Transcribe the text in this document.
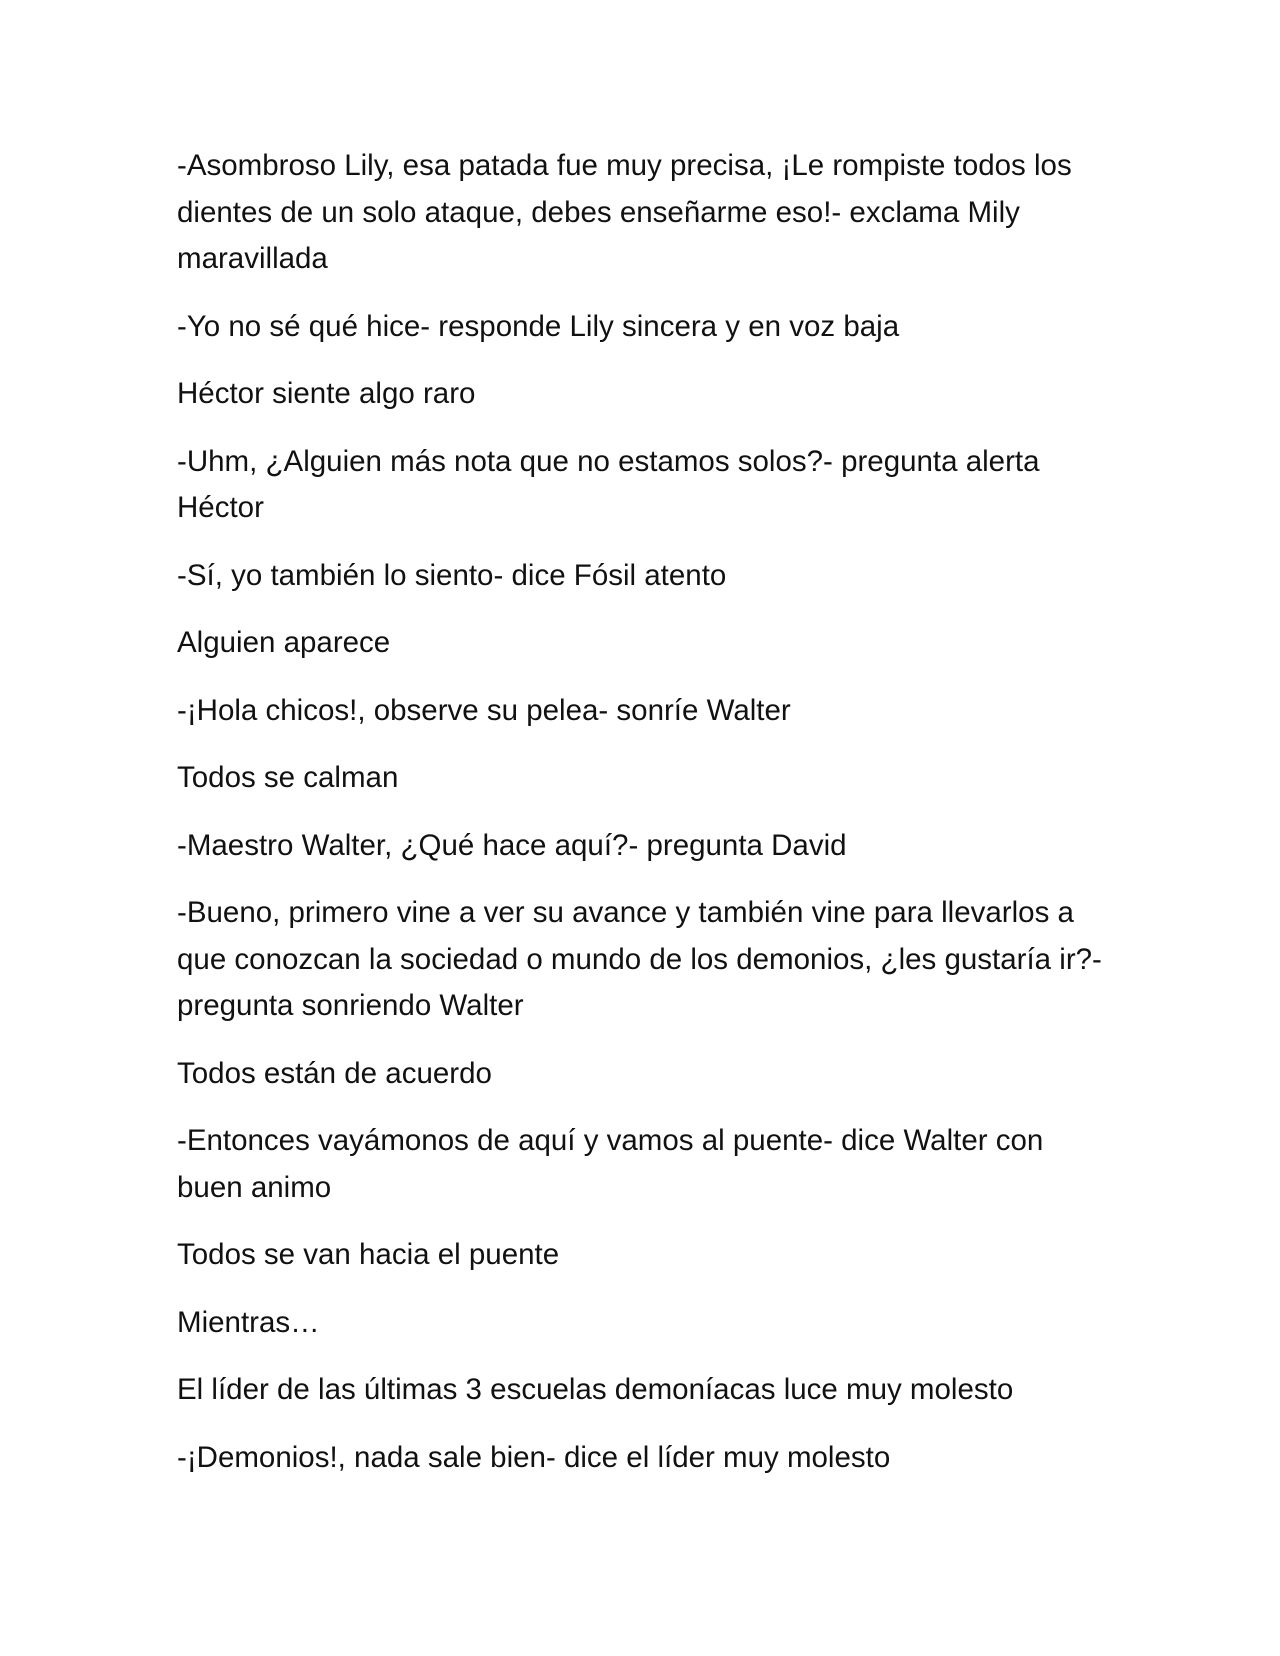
-Asombroso Lily, esa patada fue muy precisa, ¡Le rompiste todos los dientes de un solo ataque, debes enseñarme eso!- exclama Mily maravillada

-Yo no sé qué hice- responde Lily sincera y en voz baja

Héctor siente algo raro

-Uhm, ¿Alguien más nota que no estamos solos?- pregunta alerta Héctor

-Sí, yo también lo siento- dice Fósil atento

Alguien aparece

-¡Hola chicos!, observe su pelea- sonríe Walter

Todos se calman

-Maestro Walter, ¿Qué hace aquí?- pregunta David

-Bueno, primero vine a ver su avance y también vine para llevarlos a que conozcan la sociedad o mundo de los demonios, ¿les gustaría ir?- pregunta sonriendo Walter

Todos están de acuerdo

-Entonces vayámonos de aquí y vamos al puente- dice Walter con buen animo

Todos se van hacia el puente

Mientras…

El líder de las últimas 3 escuelas demoníacas luce muy molesto

-¡Demonios!, nada sale bien- dice el líder muy molesto
